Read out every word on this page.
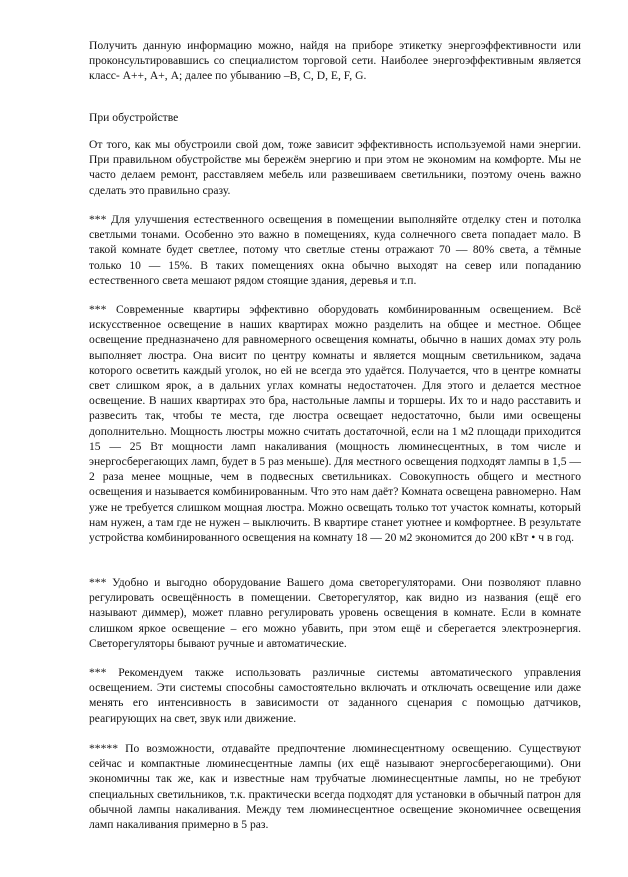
Получить данную информацию можно, найдя на приборе этикетку энергоэффективности или проконсультировавшись со специалистом торговой сети. Наиболее энергоэффективным является класс- А++, А+, А; далее по убыванию –B, C, D, E, F, G.

При обустройстве

От того, как мы обустроили свой дом, тоже зависит эффективность используемой нами энергии. При правильном обустройстве мы бережём энергию и при этом не экономим на комфорте. Мы не часто делаем ремонт, расставляем мебель или развешиваем светильники, поэтому очень важно сделать это правильно сразу.

*** Для улучшения естественного освещения в помещении выполняйте отделку стен и потолка светлыми тонами. Особенно это важно в помещениях, куда солнечного света попадает мало. В такой комнате будет светлее, потому что светлые стены отражают 70 — 80% света, а тёмные только 10 — 15%. В таких помещениях окна обычно выходят на север или попаданию естественного света мешают рядом стоящие здания, деревья и т.п.

*** Современные квартиры эффективно оборудовать комбинированным освещением. Всё искусственное освещение в наших квартирах можно разделить на общее и местное. Общее освещение предназначено для равномерного освещения комнаты, обычно в наших домах эту роль выполняет люстра. Она висит по центру комнаты и является мощным светильником, задача которого осветить каждый уголок, но ей не всегда это удаётся. Получается, что в центре комнаты свет слишком ярок, а в дальних углах комнаты недостаточен. Для этого и делается местное освещение. В наших квартирах это бра, настольные лампы и торшеры. Их то и надо расставить и развесить так, чтобы те места, где люстра освещает недостаточно, были ими освещены дополнительно. Мощность люстры можно считать достаточной, если на 1 м2 площади приходится 15 — 25 Вт мощности ламп накаливания (мощность люминесцентных, в том числе и энергосберегающих ламп, будет в 5 раз меньше). Для местного освещения подходят лампы в 1,5 — 2 раза менее мощные, чем в подвесных светильниках. Совокупность общего и местного освещения и называется комбинированным. Что это нам даёт? Комната освещена равномерно. Нам уже не требуется слишком мощная люстра. Можно освещать только тот участок комнаты, который нам нужен, а там где не нужен – выключить. В квартире станет уютнее и комфортнее. В результате устройства комбинированного освещения на комнату 18 — 20 м2 экономится до 200 кВт • ч в год.

*** Удобно и выгодно оборудование Вашего дома светорегуляторами. Они позволяют плавно регулировать освещённость в помещении. Светорегулятор, как видно из названия (ещё его называют диммер), может плавно регулировать уровень освещения в комнате. Если в комнате слишком яркое освещение – его можно убавить, при этом ещё и сберегается электроэнергия. Светорегуляторы бывают ручные и автоматические.

*** Рекомендуем также использовать различные системы автоматического управления освещением. Эти системы способны самостоятельно включать и отключать освещение или даже менять его интенсивность в зависимости от заданного сценария с помощью датчиков, реагирующих на свет, звук или движение.

***** По возможности, отдавайте предпочтение люминесцентному освещению. Существуют сейчас и компактные люминесцентные лампы (их ещё называют энергосберегающими). Они экономичны так же, как и известные нам трубчатые люминесцентные лампы, но не требуют специальных светильников, т.к. практически всегда подходят для установки в обычный патрон для обычной лампы накаливания. Между тем люминесцентное освещение экономичнее освещения ламп накаливания примерно в 5 раз.
